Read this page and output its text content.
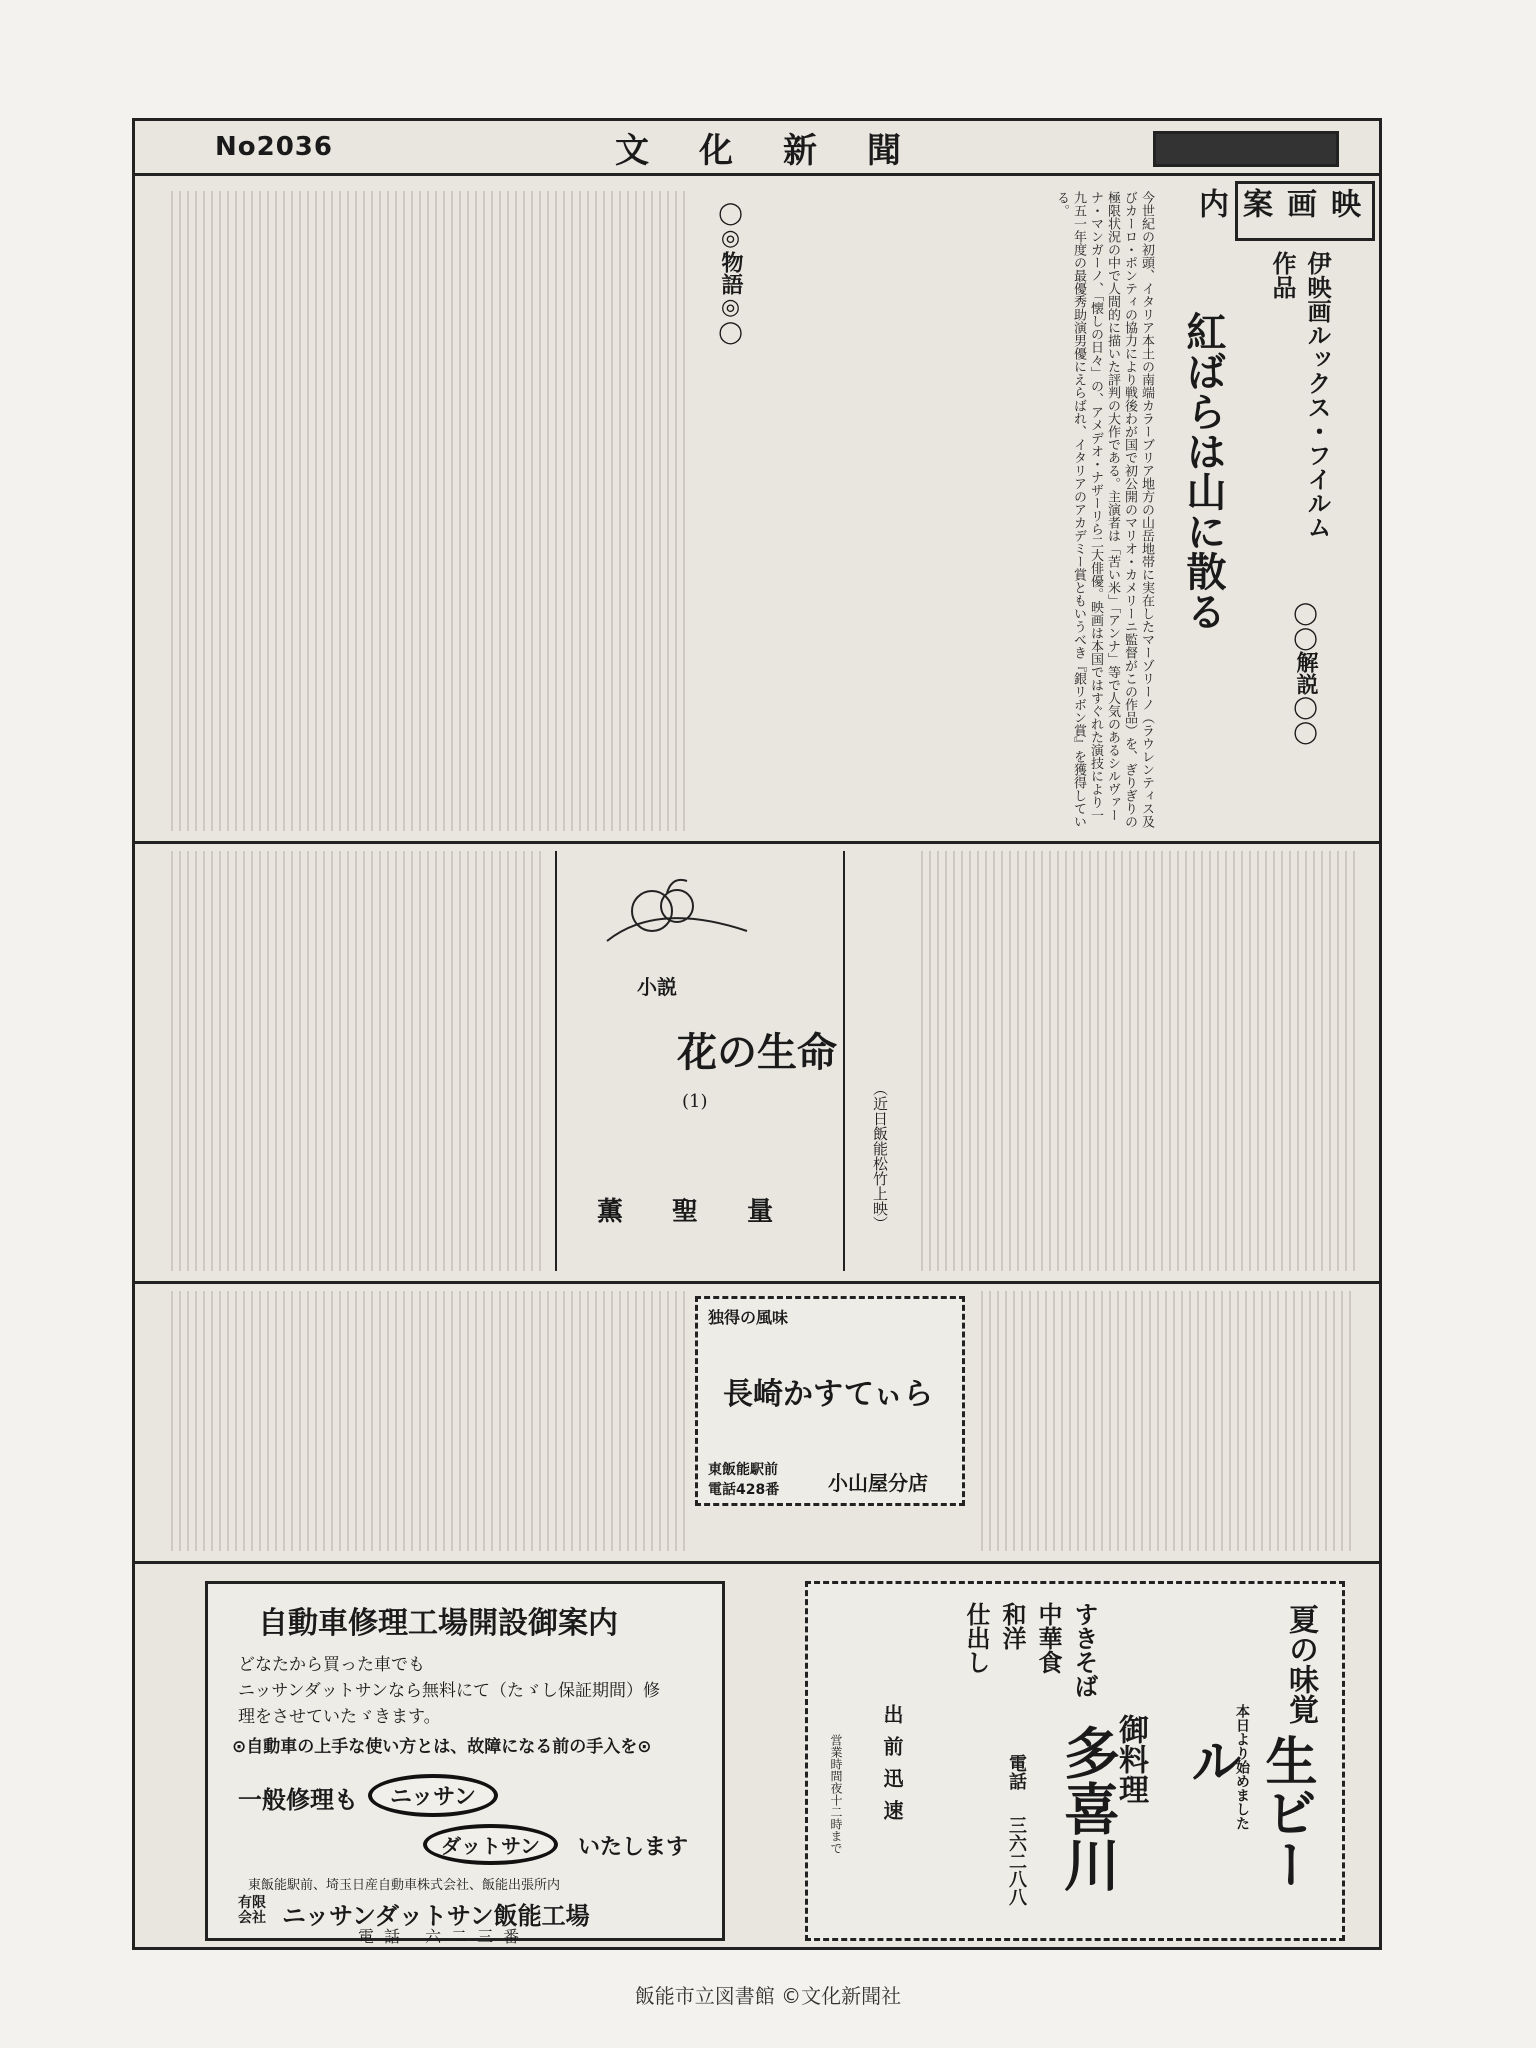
No2036	文化新聞
映画案内
伊映画ルックス・フイルム作品
紅ばらは山に散る
◯◯解説◯◯
今世紀の初頭、イタリア本土の南端カラーブリア地方の山岳地帯に実在したマーゾリーノ（ラウレンティス及びカーロ・ポンティの協力により戦後わが国で初公開のマリオ・カメリーニ監督がこの作品）を、ぎりぎりの極限状況の中で人間的に描いた評判の大作である。主演者は「苦い米」「アンナ」等で人気のあるシルヴァーナ・マンガーノ、「懐しの日々」の、アメデオ・ナザーリら二大俳優。映画は本国ではすぐれた演技により一九五一年度の最優秀助演男優にえらばれ、イタリアのアカデミー賞ともいうべき『銀リボン賞』を獲得している。
◯◎物語◎◯
小説
花の生命
(1)
薫 聖 量	（近日飯能松竹上映）
独得の風味
長崎かすてぃら
東飯能駅前
電話428番 小山屋分店
自動車修理工場開設御案内
どなたから買った車でも
ニッサンダットサンなら無料にて（たゞし保証期間）修
理をさせていたゞきます。
⊙自動車の上手な使い方とは、故障になる前の手入を⊙
一般修理も	ニッサン
ダットサン	いたします
東飯能駅前、埼玉日産自動車株式会社、飯能出張所内
有限会社 ニッサンダットサン飯能工場
電話 六二三番
夏の味覚
生ビール
本日より始めました
すきそば
中華食
和洋
仕出し
出前迅速	御料理
多喜川
電話
三六二八八
営業時間夜十二時まで
飯能市立図書館 ©文化新聞社
